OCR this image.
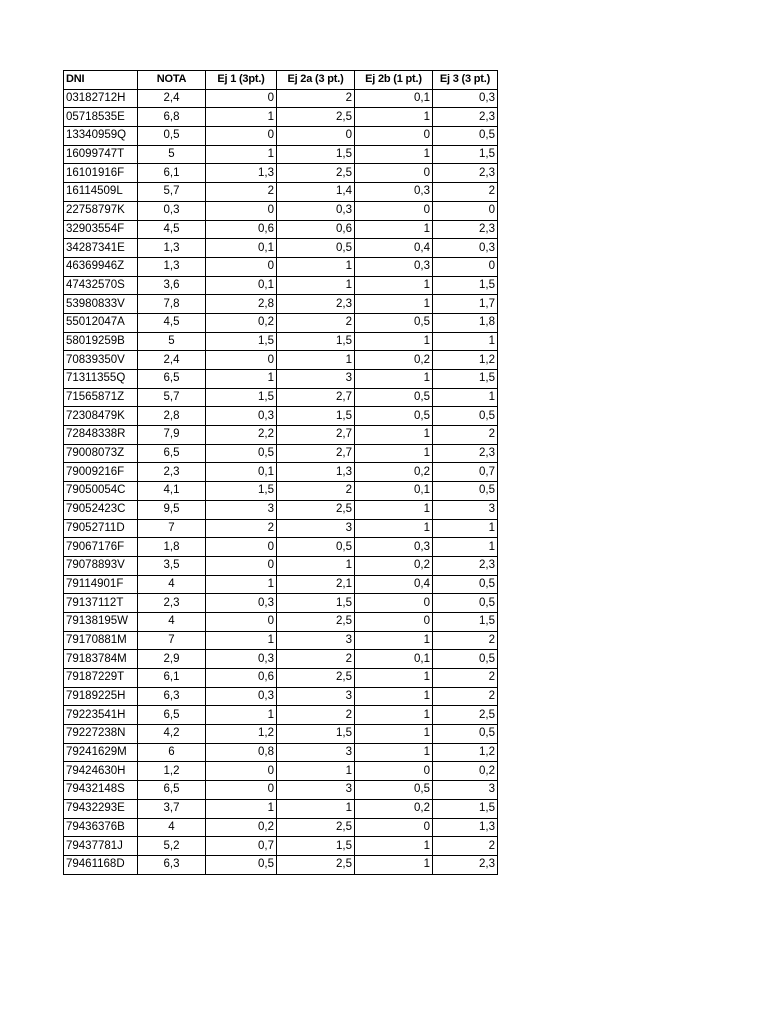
DNI	NOTA	Ej 1 (3pt.)	Ej 2a (3 pt.)	Ej 2b (1 pt.)	Ej 3 (3 pt.)
03182712H	2,4	0	2	0,1	0,3
05718535E	6,8	1	2,5	1	2,3
13340959Q	0,5	0	0	0	0,5
16099747T	5	1	1,5	1	1,5
16101916F	6,1	1,3	2,5	0	2,3
16114509L	5,7	2	1,4	0,3	2
22758797K	0,3	0	0,3	0	0
32903554F	4,5	0,6	0,6	1	2,3
34287341E	1,3	0,1	0,5	0,4	0,3
46369946Z	1,3	0	1	0,3	0
47432570S	3,6	0,1	1	1	1,5
53980833V	7,8	2,8	2,3	1	1,7
55012047A	4,5	0,2	2	0,5	1,8
58019259B	5	1,5	1,5	1	1
70839350V	2,4	0	1	0,2	1,2
71311355Q	6,5	1	3	1	1,5
71565871Z	5,7	1,5	2,7	0,5	1
72308479K	2,8	0,3	1,5	0,5	0,5
72848338R	7,9	2,2	2,7	1	2
79008073Z	6,5	0,5	2,7	1	2,3
79009216F	2,3	0,1	1,3	0,2	0,7
79050054C	4,1	1,5	2	0,1	0,5
79052423C	9,5	3	2,5	1	3
79052711D	7	2	3	1	1
79067176F	1,8	0	0,5	0,3	1
79078893V	3,5	0	1	0,2	2,3
79114901F	4	1	2,1	0,4	0,5
79137112T	2,3	0,3	1,5	0	0,5
79138195W	4	0	2,5	0	1,5
79170881M	7	1	3	1	2
79183784M	2,9	0,3	2	0,1	0,5
79187229T	6,1	0,6	2,5	1	2
79189225H	6,3	0,3	3	1	2
79223541H	6,5	1	2	1	2,5
79227238N	4,2	1,2	1,5	1	0,5
79241629M	6	0,8	3	1	1,2
79424630H	1,2	0	1	0	0,2
79432148S	6,5	0	3	0,5	3
79432293E	3,7	1	1	0,2	1,5
79436376B	4	0,2	2,5	0	1,3
79437781J	5,2	0,7	1,5	1	2
79461168D	6,3	0,5	2,5	1	2,3
